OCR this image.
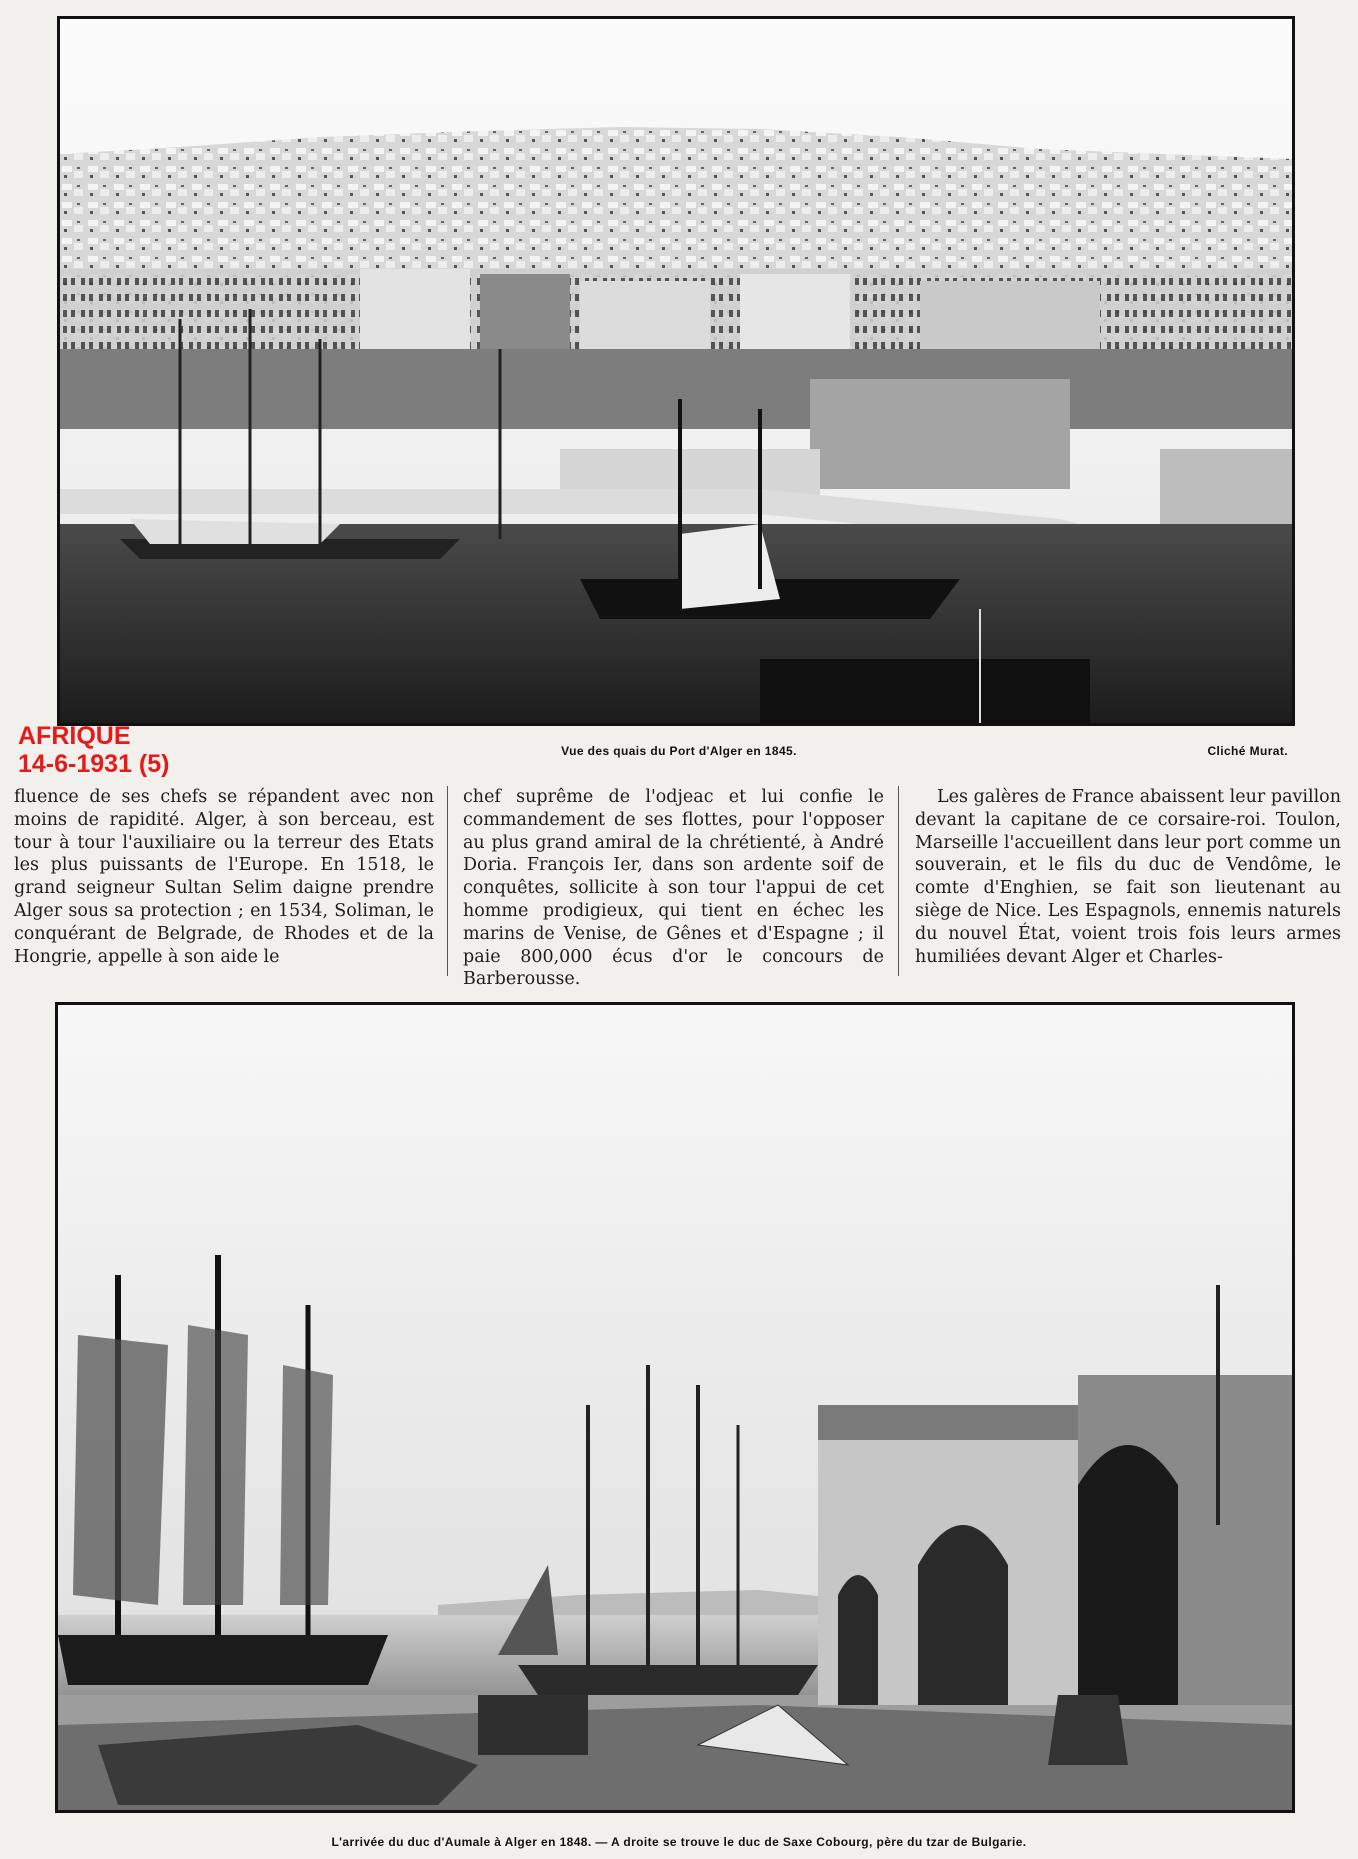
AFRIQUE
14-6-1931 (5)	Vue des quais du Port d'Alger en 1845.	Cliché Murat.

fluence de ses chefs se répandent avec non moins de rapidité. Alger, à son berceau, est tour à tour l'auxiliaire ou la terreur des Etats les plus puissants de l'Europe. En 1518, le grand seigneur Sultan Selim daigne prendre Alger sous sa protection ; en 1534, Soliman, le conquérant de Belgrade, de Rhodes et de la Hongrie, appelle à son aide le

chef suprême de l'odjeac et lui confie le commandement de ses flottes, pour l'opposer au plus grand amiral de la chrétienté, à André Doria. François Ier, dans son ardente soif de conquêtes, sollicite à son tour l'appui de cet homme prodigieux, qui tient en échec les marins de Venise, de Gênes et d'Espagne ; il paie 800,000 écus d'or le concours de Barberousse.

Les galères de France abaissent leur pavillon devant la capitane de ce corsaire-roi. Toulon, Marseille l'accueillent dans leur port comme un souverain, et le fils du duc de Vendôme, le comte d'Enghien, se fait son lieutenant au siège de Nice. Les Espagnols, ennemis naturels du nouvel État, voient trois fois leurs armes humiliées devant Alger et Charles-

L'arrivée du duc d'Aumale à Alger en 1848. — A droite se trouve le duc de Saxe Cobourg, père du tzar de Bulgarie.
